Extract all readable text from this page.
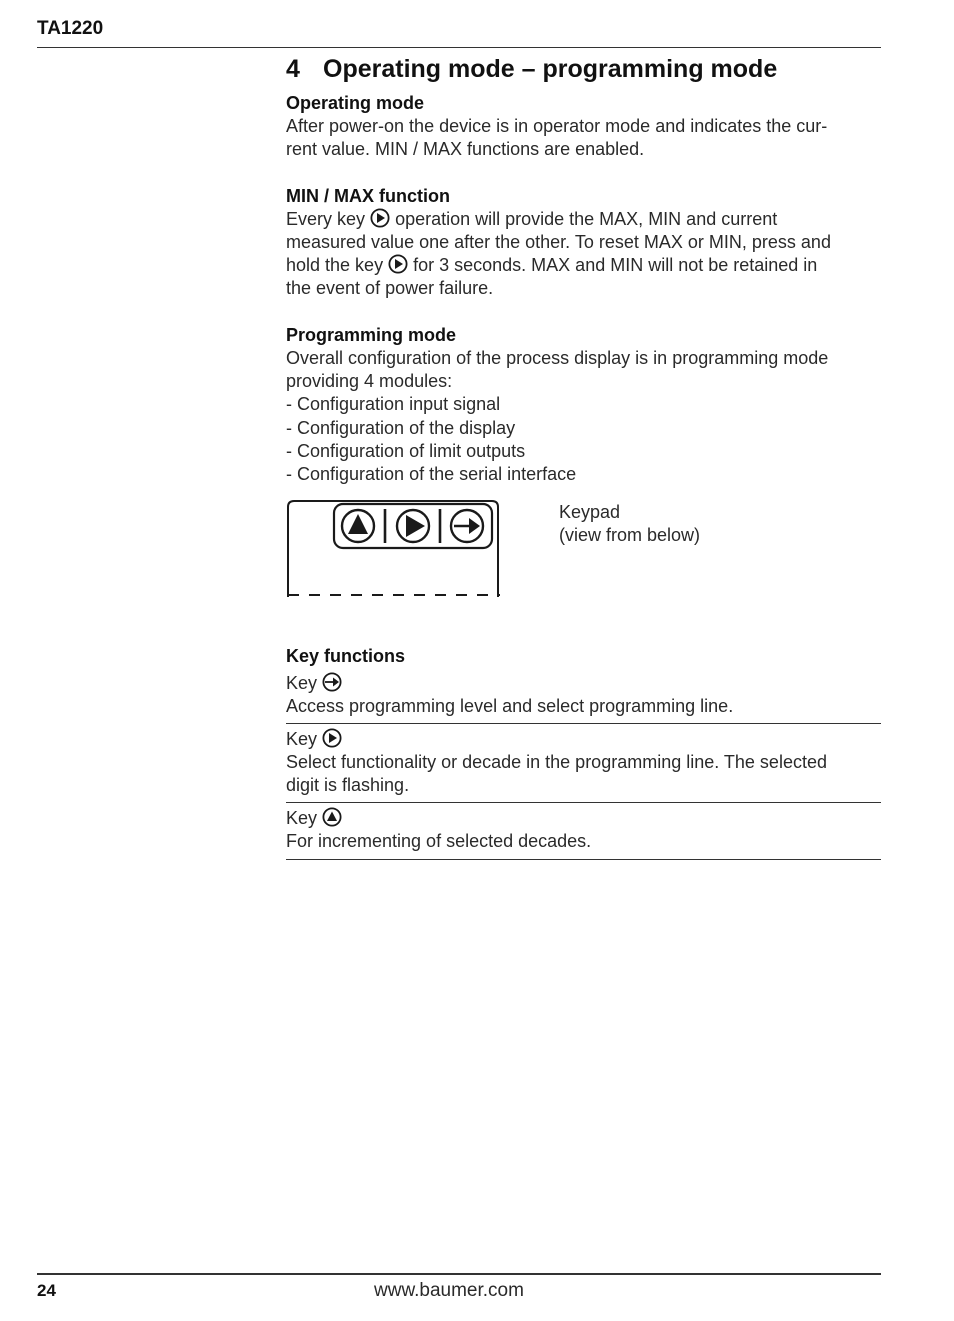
TA1220
4 Operating mode – programming mode
Operating mode
After power-on the device is in operator mode and indicates the cur-
rent value. MIN / MAX functions are enabled.
MIN / MAX function
Every key operation will provide the MAX, MIN and current
measured value one after the other. To reset MAX or MIN, press and
hold the key for 3 seconds. MAX and MIN will not be retained in
the event of power failure.
Programming mode
Overall configuration of the process display is in programming mode
providing 4 modules:
- Configuration input signal
- Configuration of the display
- Configuration of limit outputs
- Configuration of the serial interface
Keypad
(view from below)
Key functions
Key
Access programming level and select programming line.
Key
Select functionality or decade in the programming line. The selected
digit is flashing.
Key
For incrementing of selected decades.
24	www.baumer.com
